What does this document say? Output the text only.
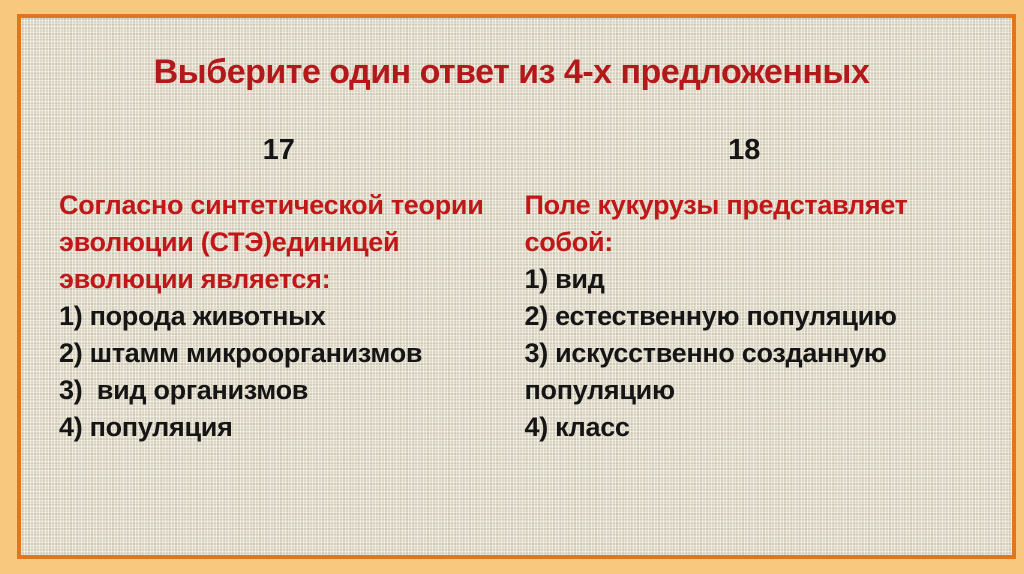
Выберите один ответ из 4-х предложенных
17
Согласно синтетической теории
эволюции (СТЭ)единицей
эволюции является:
1) порода животных
2) штамм микроорганизмов
3)  вид организмов
4) популяция
18
Поле кукурузы представляет
собой:
1) вид
2) естественную популяцию
3) искусственно созданную популяцию
4) класс
